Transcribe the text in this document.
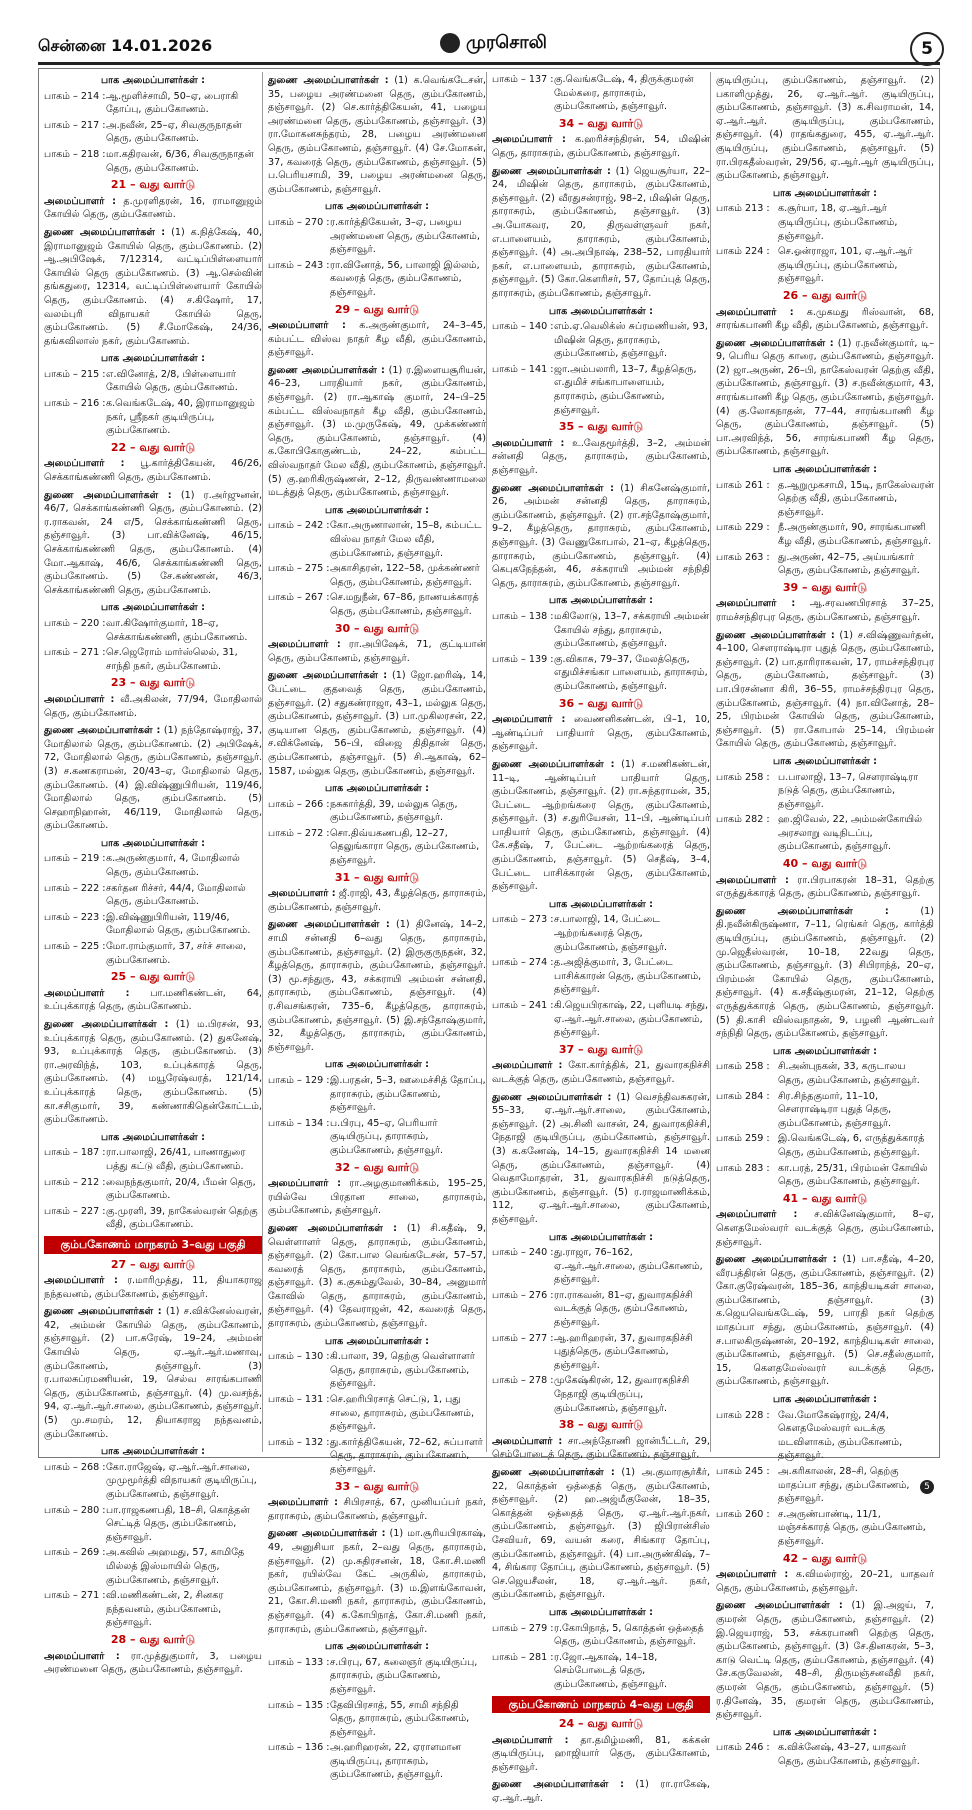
சென்னை 14.01.2026	முரசொலி	5
பாக அமைப்பாளர்கள் :
பாகம் – 214 : ஆ.மூளிச்சாமி, 50–ஏ, பைராகி தோப்பு, கும்பகோணம்.
பாகம் – 217 : அ.நவீன், 25–ஏ, சிவகுருநாதன் தெரு, கும்பகோணம்.
பாகம் – 218 : மா.கதிரவன், 6/36, சிவகுருநாதன் தெரு, கும்பகோணம்.
21 – வது வார்டு
அமைப்பாளர் : த.முரளிதரன், 16, ராமானுஜம் கோயில் தெரு, கும்பகோணம்.
துணை அமைப்பாளர்கள் : (1) க.நித்கேஷ், 40, இராமானுஜம் கோயில் தெரு, கும்பகோணம். (2) ஆ.அபிஷேக், 7/12314, வட்டிப்பிள்ளையார் கோயில் தெரு கும்பகோணம். (3) ஆ.செல்வின் தங்கதுரை, 12314, வட்டிப்பிள்ளையார் கோயில் தெரு, கும்பகோணம். (4) ச.கிஷோர், 17, வலம்புரி விநாயகர் கோயில் தெரு, கும்பகோணம். (5) சீ.மோகேஷ், 24/36, தங்கவிலாஸ் நகர், கும்பகோணம்.
பாக அமைப்பாளர்கள் :
பாகம் – 215 : எ.வினோத், 2/8, பிள்ளையார் கோயில் தெரு, கும்பகோணம்.
பாகம் – 216 : க.வெங்கடேஷ், 40, இராமானுஜம் நகர், ஸ்ரீநகர் குடியிருப்பு, கும்பகோணம்.
22 – வது வார்டு
அமைப்பாளர் : பூ.கார்த்திகேயன், 46/26, செக்காங்கண்ணி தெரு, கும்பகோணம்.
துணை அமைப்பாளர்கள் : (1) ர.அர்ஜுனன், 46/7, செக்காங்கண்ணி தெரு, கும்பகோணம். (2) ர.ராகவன், 24 எ/5, செக்காங்கண்ணி தெரு, தஞ்சாவூர். (3) பா.விக்னேஷ், 46/15, செக்காங்கண்ணி தெரு, கும்பகோணம். (4) மோ.ஆகாஷ், 46/6, செக்காங்கண்ணி தெரு, கும்பகோணம். (5) சே.கண்ணன், 46/3, செக்காங்கண்ணி தெரு, கும்பகோணம்.
பாக அமைப்பாளர்கள் :
பாகம் – 220 : வா.கிஷோர்குமார், 18–ஏ, செக்காங்கண்ணி, கும்பகோணம்.
பாகம் – 271 : செ.ஜெரோம் மார்ஸ்லெல், 31, சாந்தி நகர், கும்பகோணம்.
23 – வது வார்டு
அமைப்பாளர் : வீ.அகிலன், 77/94, மோதிலால் தெரு, கும்பகோணம்.
துணை அமைப்பாளர்கள் : (1) நந்தோஷ்ராஜ், 37, மோதிலால் தெரு, கும்பகோணம். (2) அபிஷேக், 72, மோதிலால் தெரு, கும்பகோணம், தஞ்சாவூர். (3) ச.கணகராமன், 20/43–ஏ, மோதிலால் தெரு, கும்பகோணம். (4) இ.விஷ்ணுபிரியன், 119/46, மோதிலால் தெரு, கும்பகோணம். (5) செஹாநிஹான், 46/119, மோதிலால் தெரு, கும்பகோணம்.
பாக அமைப்பாளர்கள் :
பாகம் – 219 : க.அருண்குமார், 4, மோதிலால் தெரு, கும்பகோணம்.
பாகம் – 222 : சகர்தன ரிச்சர், 44/4, மோதிலால் தெரு, கும்பகோணம்.
பாகம் – 223 : இ.விஷ்ணுபிரியன், 119/46, மோதிலால் தெரு, கும்பகோணம்.
பாகம் – 225 : மோ.ராம்குமார், 37, சர்ச் சாலை, கும்பகோணம்.
25 – வது வார்டு
அமைப்பாளர் : பா.மணிகண்டன், 64, உப்புக்காரத் தெரு, கும்பகோணம்.
துணை அமைப்பாளர்கள் : (1) ம.பிரசன், 93, உப்புக்காரத் தெரு, கும்பகோணம். (2) துகனேஷ், 93, உப்புக்காரத் தெரு, கும்பகோணம். (3) ரா.அரவிந்த், 103, உப்புக்காரத் தெரு, கும்பகோணம். (4) மயூரேஷ்வரத், 121/14, உப்புக்காரத் தெரு, கும்பகோணம். (5) கா.சசிகுமார், 39, கண்ணாகிதென்கோட்டம், கும்பகோணம்.
பாக அமைப்பாளர்கள் :
பாகம் – 187 : ரா.பாலாஜி, 26/41, பாணாதுரை பத்து கட்டு வீதி, கும்பகோணம்.
பாகம் – 212 : வைநந்தகுமார், 20/4, பீமன் தெரு, கும்பகோணம்.
பாகம் – 227 : கு.முரளி, 39, நாகேஸ்வரன் தெற்கு வீதி, கும்பகோணம்.
கும்பகோணம் மாநகரம் 3–வது பகுதி
27 – வது வார்டு
அமைப்பாளர் : ர.மாரிமுத்து, 11, தியாகராஜ நந்தவனம், கும்பகோணம், தஞ்சாவூர்.
துணை அமைப்பாளர்கள் : (1) ச.விக்னேஸ்வரன், 42, அம்மன் கோயில் தெரு, கும்பகோணம், தஞ்சாவூர். (2) பா.சுரேஷ், 19–24, அம்மன் கோயில் தெரு, ஏ.ஆர்.ஆர்.மணாவு, கும்பகோணம், தஞ்சாவூர். (3) ர.பாலசுப்ரமணியன், 19, செல்வ சாரங்கபாணி தெரு, கும்பகோணம், தஞ்சாவூர். (4) மு.வசந்த், 94, ஏ.ஆர்.ஆர்.சாலை, கும்பகோணம், தஞ்சாவூர். (5) மு.சமரம், 12, தியாகராஜ நந்தவனம், கும்பகோணம்.
பாக அமைப்பாளர்கள் :
பாகம் – 268 : கோ.ராஜேஷ், ஏ.ஆர்.ஆர்.சாலை, முமுமூர்த்தி விநாயகர் குடியிருப்பு, கும்பகோணம், தஞ்சாவூர்.
பாகம் – 280 : பா.ராஜகணபதி, 18–சி, கொத்தன் செட்டித் தெரு, கும்பகோணம், தஞ்சாவூர்.
பாகம் – 269 : அ.கவில் அஹமது, 57, காமிதே மில்லத் இஸ்மாயில் தெரு, கும்பகோணம், தஞ்சாவூர்.
பாகம் – 271 : வி.மணிகண்டன், 2, சினகர நந்தவனம், கும்பகோணம், தஞ்சாவூர்.
28 – வது வார்டு
அமைப்பாளர் : ரா.முத்துகுமார், 3, பழைய அரண்மனை தெரு, கும்பகோணம், தஞ்சாவூர்.
துணை அமைப்பாளர்கள் : (1) க.வெங்கடேசன், 35, பழைய அரண்மனை தெரு, கும்பகோணம், தஞ்சாவூர். (2) செ.கார்த்திகேயன், 41, பழைய அரண்மனை தெரு, கும்பகோணம், தஞ்சாவூர். (3) ரா.மோகனசுந்தரம், 28, பழைய அரண்மனை தெரு, கும்பகோணம், தஞ்சாவூர். (4) சே.மோகன், 37, கவரைத் தெரு, கும்பகோணம், தஞ்சாவூர். (5) ப.பெரியசாமி, 39, பழைய அரண்மனை தெரு, கும்பகோணம், தஞ்சாவூர்.
பாக அமைப்பாளர்கள் :
பாகம் – 270 : ர.கார்த்திகேயன், 3–ஏ, பழைய அரண்மனை தெரு, கும்பகோணம், தஞ்சாவூர்.
பாகம் – 243 : ரா.வினோத், 56, பாலாஜி இல்லம், கவரைத் தெரு, கும்பகோணம், தஞ்சாவூர்.
29 – வது வார்டு
அமைப்பாளர் : க.அருண்குமார், 24–3–45, கம்பட்ட விஸ்வ நாதர் கீழ வீதி, கும்பகோணம், தஞ்சாவூர்.
துணை அமைப்பாளர்கள் : (1) ர.இளையசூரியன், 46–23, பாரதியார் நகர், கும்பகோணம், தஞ்சாவூர். (2) ரா.ஆகாஷ் குமார், 24–பி–25 கம்பட்ட விஸ்வநாதர் கீழ வீதி, கும்பகோணம், தஞ்சாவூர். (3) ம.முருகேஷ், 49, முக்கண்ணர் தெரு, கும்பகோணம், தஞ்சாவூர். (4) க.கோபிகோகுண்டம், 24–22, கம்பட்ட விஸ்வநாதர் மேல வீதி, கும்பகோணம், தஞ்சாவூர். (5) கு.ஹரிகிருஷ்ணன், 2–12, திருவண்ணாமலை மடத்துத் தெரு, கும்பகோணம், தஞ்சாவூர்.
பாக அமைப்பாளர்கள் :
பாகம் – 242 : கோ.அருணாலான், 15–8, கம்பட்ட விஸ்வ நாதர் மேல வீதி, கும்பகோணம், தஞ்சாவூர்.
பாகம் – 275 : அகாசிதரன், 122–58, முக்கண்ணர் தெரு, கும்பகோணம், தஞ்சாவூர்.
பாகம் – 267 : செ.மநுநீன், 67–86, நாணயக்காரத் தெரு, கும்பகோணம், தஞ்சாவூர்.
30 – வது வார்டு
அமைப்பாளர் : ரா.அபிஷேக், 71, குட்டியான் தெரு, கும்பகோணம், தஞ்சாவூர்.
துணை அமைப்பாளர்கள் : (1) ஜோ.ஹரிஷ், 14, பேட்டை குதவைத் தெரு, கும்பகோணம், தஞ்சாவூர். (2) சதுகண்ராஜா, 43–1, மல்லுக தெரு, கும்பகோணம், தஞ்சாவூர். (3) பா.முகிலரசன், 22, குடியான தெரு, கும்பகோணம், தஞ்சாவூர். (4) ச.விக்னேஷ், 56–பி, விஜை திதிதான் தெரு, கும்பகோணம், தஞ்சாவூர். (5) சி.ஆகாஷ், 62–1587, மல்லுக தெரு, கும்பகோணம், தஞ்சாவூர்.
பாக அமைப்பாளர்கள் :
பாகம் – 266 : நசுகார்த்தி, 39, மல்லுக தெரு, கும்பகோணம், தஞ்சாவூர்.
பாகம் – 272 : சொ.திவ்யகணபதி, 12–27, தெலுங்காரா தெரு, கும்பகோணம், தஞ்சாவூர்.
31 – வது வார்டு
அமைப்பாளர் : ஜீ.ராஜி, 43, கீழத்தெரு, தாராசுரம், கும்பகோணம், தஞ்சாவூர்.
துணை அமைப்பாளர்கள் : (1) தினேஷ், 14–2, சாமி சன்னதி 6–வது தெரு, தாராசுரம், கும்பகோணம், தஞ்சாவூர். (2) இருகுருநதன், 32, கீழத்தெரு, தாராசுரம், கும்பகோணம், தஞ்சாவூர். (3) மூ.சந்துரு, 43, சக்கராயி அம்மன் சன்னதி, தாராசுரம், கும்பகோணம், தஞ்சாவூர். (4) ர.சிவசங்கரன், 735–6, கீழத்தெரு, தாராசுரம், கும்பகோணம், தஞ்சாவூர். (5) இ.சந்தோஷ்குமார், 32, கீழத்தெரு, தாராசுரம், கும்பகோணம், தஞ்சாவூர்.
பாக அமைப்பாளர்கள் :
பாகம் – 129 : இ.பரதன், 5–3, ஊமைச்சித் தோப்பு, தாராசுரம், கும்பகோணம், தஞ்சாவூர்.
பாகம் – 134 : ப.பிரபு, 45–ஏ, பெரியார் குடியிருப்பு, தாராசுரம், கும்பகோணம், தஞ்சாவூர்.
32 – வது வார்டு
அமைப்பாளர் : ரா.அழகுமாணிக்கம், 195–25, ரயில்வே பிரதான சாலை, தாராசுரம், கும்பகோணம், தஞ்சாவூர்.
துணை அமைப்பாளர்கள் : (1) சி.கதீஷ், 9, வெள்ளாளர் தெரு, தாராசுரம், கும்பகோணம், தஞ்சாவூர். (2) கோ.பால வெங்கடேசன், 57–57, கவரைத் தெரு, தாராசுரம், கும்பகோணம், தஞ்சாவூர். (3) க.குசும்துவேல், 30–84, அனுமார் கோவில் தெரு, தாராசுரம், கும்பகோணம், தஞ்சாவூர். (4) தேவராஜன், 42, கவரைத் தெரு, தாராசுரம், கும்பகோணம், தஞ்சாவூர்.
பாக அமைப்பாளர்கள் :
பாகம் – 130 : கி.பாலா, 39, தெற்கு வெள்ளாளர் தெரு, தாராசுரம், கும்பகோணம், தஞ்சாவூர்.
பாகம் – 131 : செ.ஹரிபிரசாத் செட்டு, 1, புது சாலை, தாராசுரம், கும்பகோணம், தஞ்சாவூர்.
பாகம் – 132 : து.கார்த்திகேயன், 72–62, சுப்பாளர் தெரு, தாராசுரம், கும்பகோணம், தஞ்சாவூர்.
33 – வது வார்டு
அமைப்பாளர் : சிபிரசாத், 67, முனியப்பர் நகர், தாராசுரம், கும்பகோணம், தஞ்சாவூர்.
துணை அமைப்பாளர்கள் : (1) மா.சூரியபிரகாஷ், 49, அனுசியா நகர், 2–வது தெரு, தாராசுரம், தஞ்சாவூர். (2) மு.சுதிரசனன், 18, கோ.சி.மணி நகர், ரயில்வே கேட் அருகில், தாராசுரம், கும்பகோணம், தஞ்சாவூர். (3) ம.இளங்கோவன், 21, கோ.சி.மணி நகர், தாராசுரம், கும்பகோணம், தஞ்சாவூர். (4) க.கோபிநாத், கோ.சி.மணி நகர், தாராசுரம், கும்பகோணம், தஞ்சாவூர்.
பாக அமைப்பாளர்கள் :
பாகம் – 133 : ச.பிரபு, 67, கலைஞர் குடியிருப்பு, தாராசுரம், கும்பகோணம், தஞ்சாவூர்.
பாகம் – 135 : தேவிபிரசாத், 55, சாமி சந்நிதி தெரு, தாராசுரம், கும்பகோணம், தஞ்சாவூர்.
பாகம் – 136 : அ.ஹரிஹரன், 22, ஏராளமான குடியிருப்பு, தாராசுரம், கும்பகோணம், தஞ்சாவூர்.
பாகம் – 137 : கு.வெங்கடேஷ், 4, திருக்குமரன் மேல்கரை, தாராசுரம், கும்பகோணம், தஞ்சாவூர்.
34 – வது வார்டு
அமைப்பாளர் : க.ஹரிச்சந்திரன், 54, மிஷின் தெரு, தாராசுரம், கும்பகோணம், தஞ்சாவூர்.
துணை அமைப்பாளர்கள் : (1) ஜெயசூர்யா, 22–24, மிஷின் தெரு, தாராசுரம், கும்பகோணம், தஞ்சாவூர். (2) வீரதுசன்ராஜ், 98–2, மிஷின் தெரு, தாராசுரம், கும்பகோணம், தஞ்சாவூர். (3) அ.யோகவர, 20, திருவள்ளுவர் நகர், எ.பாளையம், தாராசுரம், கும்பகோணம், தஞ்சாவூர். (4) அ.அபிநாஷ், 238–52, பாரதியார் நகர், எ.பாளையம், தாராசுரம், கும்பகோணம், தஞ்சாவூர். (5) கோ.கௌரிசர், 57, தோப்புத் தெரு, தாராசுரம், கும்பகோணம், தஞ்சாவூர்.
பாக அமைப்பாளர்கள் :
பாகம் – 140 : எம்.ஏ.வெலிக்ஸ் சுப்ரமணியன், 93, மிஷின் தெரு, தாராசுரம், கும்பகோணம், தஞ்சாவூர்.
பாகம் – 141 : ஜா.அம்பலாரி, 13–7, கீழத்தெரு, எ.துமிச் சங்காபாளையம், தாராசுரம், கும்பகோணம், தஞ்சாவூர்.
35 – வது வார்டு
அமைப்பாளர் : உ.வேதமூர்த்தி, 3–2, அம்மன் சன்னதி தெரு, தாராசுரம், கும்பகோணம், தஞ்சாவூர்.
துணை அமைப்பாளர்கள் : (1) சிகனேஷ்குமார், 26, அம்மன் சன்னதி தெரு, தாராசுரம், கும்பகோணம், தஞ்சாவூர். (2) ரா.சந்தோஷ்குமார், 9–2, கீழத்தெரு, தாராசுரம், கும்பகோணம், தஞ்சாவூர். (3) வேணுகோபால், 21–ஏ, கீழத்தெரு, தாராசுரம், கும்பகோணம், தஞ்சாவூர். (4) கெபுகநேந்தன், 46, சக்கராயி அம்மன் சந்நிதி தெரு, தாராசுரம், கும்பகோணம், தஞ்சாவூர்.
பாக அமைப்பாளர்கள் :
பாகம் – 138 : மகிலோடு, 13–7, சக்கராயி அம்மன் கோயில் சந்து, தாராசுரம், கும்பகோணம், தஞ்சாவூர்.
பாகம் – 139 : கு.விகாசு, 79–37, மேலத்தெரு, எதுமிச்சங்கா பாளையம், தாராசுரம், கும்பகோணம், தஞ்சாவூர்.
36 – வது வார்டு
அமைப்பாளர் : வைணனிகண்டன், பி–1, 10, ஆண்டிப்பர் பாதியார் தெரு, கும்பகோணம், தஞ்சாவூர்.
துணை அமைப்பாளர்கள் : (1) ச.மணிகண்டன், 11–டி, ஆண்டிப்பர் பாதியார் தெரு, கும்பகோணம், தஞ்சாவூர். (2) ரா.சுந்தராமன், 35, பேட்டை ஆற்றங்கரை தெரு, கும்பகோணம், தஞ்சாவூர். (3) ச.துரியேசன், 11–பி, ஆண்டிப்பர் பாதியார் தெரு, கும்பகோணம், தஞ்சாவூர். (4) கே.சதீஷ், 7, பேட்டை ஆற்றங்கரைத் தெரு, கும்பகோணம், தஞ்சாவூர். (5) செதீஷ், 3–4, பேட்டை பாசிக்காரன் தெரு, கும்பகோணம், தஞ்சாவூர்.
பாக அமைப்பாளர்கள் :
பாகம் – 273 : ச.பாலாஜி, 14, பேட்டை ஆற்றங்கரைத் தெரு, கும்பகோணம், தஞ்சாவூர்.
பாகம் – 274 : த.அஜித்குமார், 3, பேட்டை பாசிக்காரன் தெரு, கும்பகோணம், தஞ்சாவூர்.
பாகம் – 241 : கி.ஜெயபிரகாஷ், 22, புளியடி சந்து, ஏ.ஆர்.ஆர்.சாலை, கும்பகோணம், தஞ்சாவூர்.
37 – வது வார்டு
அமைப்பாளர் : கோ.கார்த்திக், 21, துவாரகநிச்சி வடக்குத் தெரு, கும்பகோணம், தஞ்சாவூர்.
துணை அமைப்பாளர்கள் : (1) வெசந்திவசுகரன், 55–33, ஏ.ஆர்.ஆர்.சாலை, கும்பகோணம், தஞ்சாவூர். (2) அ.சினி வாசன், 24, துவாரகநிச்சி, நேதாஜி குடியிருப்பு, கும்பகோணம், தஞ்சாவூர். (3) க.கணேஷ், 14–15, துவாரகநிச்சி 14 மனை தெரு, கும்பகோணம், தஞ்சாவூர். (4) வெதாமோதரன், 31, துவாரகநிச்சி நடுத்தெரு, கும்பகோணம், தஞ்சாவூர். (5) ர.ராஜமாணிக்கம், 112, ஏ.ஆர்.ஆர்.சாலை, கும்பகோணம், தஞ்சாவூர்.
பாக அமைப்பாளர்கள் :
பாகம் – 240 : து.ராஜா, 76–162, ஏ.ஆர்.ஆர்.சாலை, கும்பகோணம், தஞ்சாவூர்.
பாகம் – 276 : ரா.ராகவன், 81–ஏ, துவாரகநிச்சி வடக்குத் தெரு, கும்பகோணம், தஞ்சாவூர்.
பாகம் – 277 : ஆ.ஹரிஹரன், 37, துவாரகநிச்சி புதுத்தெரு, கும்பகோணம், தஞ்சாவூர்.
பாகம் – 278 : முகேஷ்கிரன், 12, துவாரகநிச்சி நேதாஜி குடியிருப்பு, கும்பகோணம், தஞ்சாவூர்.
38 – வது வார்டு
அமைப்பாளர் : சா.அந்தோணி ஜான்பீட்டர், 29, செம்போடைத் தெரு, கும்பகோணம், தஞ்சாவூர்.
துணை அமைப்பாளர்கள் : (1) அ.குமாரசூர்கீர், 22, கொத்தன் ஒத்தைத் தெரு, கும்பகோணம், தஞ்சாவூர். (2) ஹ.அஜ்மீகுலேன், 18–35, கொத்தன் ஒத்தைத் தெரு, ஏ.ஆர்.ஆர்.நகர், கும்பகோணம், தஞ்சாவூர். (3) ஜிபிரான்சிஸ் சேவியர், 69, வயன் கரை, சிங்கார தோப்பு, கும்பகோணம், தஞ்சாவூர். (4) பா.அருண்கிஷ், 7–4, சிங்கார தோப்பு, கும்பகோணம், தஞ்சாவூர். (5) செ.ஜெயசீலன், 18, ஏ.ஆர்.ஆர். நகர், கும்பகோணம், தஞ்சாவூர்.
பாக அமைப்பாளர்கள் :
பாகம் – 279 : ர.கோபிநாத், 5, கொத்தன் ஒத்தைத் தெரு, கும்பகோணம், தஞ்சாவூர்.
பாகம் – 281 : ர.ஜோ.ஆகாஷ், 14–18, செம்போடைத் தெரு, கும்பகோணம், தஞ்சாவூர்.
கும்பகோணம் மாநகரம் 4–வது பகுதி
24 – வது வார்டு
அமைப்பாளர் : தா.தமிழ்மணி, 81, கக்கன் குடியிருப்பு, ஹாஜியார் தெரு, கும்பகோணம், தஞ்சாவூர்.
துணை அமைப்பாளர்கள் : (1) ரா.ராகேஷ், ஏ.ஆர்.ஆர்.
குடியிருப்பு, கும்பகோணம், தஞ்சாவூர். (2) பகாளிமுத்து, 26, ஏ.ஆர்.ஆர். குடியிருப்பு, கும்பகோணம், தஞ்சாவூர். (3) க.சிவராமன், 14, ஏ.ஆர்.ஆர். குடியிருப்பு, கும்பகோணம், தஞ்சாவூர். (4) ராதங்கதுரை, 455, ஏ.ஆர்.ஆர். குடியிருப்பு, கும்பகோணம், தஞ்சாவூர். (5) ரா.பிரகதீஸ்வரன், 29/56, ஏ.ஆர்.ஆர் குடியிருப்பு, கும்பகோணம், தஞ்சாவூர்.
பாக அமைப்பாளர்கள் :
பாகம் 213 : க.சூர்யா, 18, ஏ.ஆர்.ஆர் குடியிருப்பு, கும்பகோணம், தஞ்சாவூர்.
பாகம் 224 : செ.ஓன்ராஜா, 101, ஏ.ஆர்.ஆர் குடியிருப்பு, கும்பகோணம், தஞ்சாவூர்.
26 – வது வார்டு
அமைப்பாளர் : க.முகமது ரிஸ்வான், 68, சாரங்கபாணி கீழ வீதி, கும்பகோணம், தஞ்சாவூர்.
துணை அமைப்பாளர்கள் : (1) ர.நவீன்குமார், டி–9, பெரிய தெரு காரை, கும்பகோணம், தஞ்சாவூர். (2) ஜா.அருண், 26–பி, நாகேஸ்வரன் தெற்கு வீதி, கும்பகோணம், தஞ்சாவூர். (3) ச.நவீன்குமார், 43, சாரங்கபாணி கீழ தெரு, கும்பகோணம், தஞ்சாவூர். (4) கு.லோகநாதன், 77–44, சாரங்கபாணி கீழ தெரு, கும்பகோணம், தஞ்சாவூர். (5) பா.அரவிந்த், 56, சாரங்கபாணி கீழ தெரு, கும்பகோணம், தஞ்சாவூர்.
பாக அமைப்பாளர்கள் :
பாகம் 261 : த.ஆறுமுகசாமி, 15டி, நாகேஸ்வரன் தெற்கு வீதி, கும்பகோணம், தஞ்சாவூர்.
பாகம் 229 : நீ.அருண்குமார், 90, சாரங்கபாணி கீழ வீதி, கும்பகோணம், தஞ்சாவூர்.
பாகம் 263 : து.அருண், 42–75, அய்யங்கார் தெரு, கும்பகோணம், தஞ்சாவூர்.
39 – வது வார்டு
அமைப்பாளர் : ஆ.சரவணபிரசாத் 37–25, ராமச்சந்திரபுர தெரு, கும்பகோணம், தஞ்சாவூர்.
துணை அமைப்பாளர்கள் : (1) ச.விஷ்ணுவர்தன், 4–100, சௌராஷ்டிரா புதுத் தெரு, கும்பகோணம், தஞ்சாவூர். (2) பா.தாரிராகவன், 17, ராமச்சந்திரபுர தெரு, கும்பகோணம், தஞ்சாவூர். (3) பா.பிரசன்னா கிரி, 36–55, ராமச்சந்திரபுர தெரு, கும்பகோணம், தஞ்சாவூர். (4) நா.வினோத், 28–25, பிரம்மன் கோயில் தெரு, கும்பகோணம், தஞ்சாவூர். (5) ரா.கோபால் 25–14, பிரம்மன் கோயில் தெரு, கும்பகோணம், தஞ்சாவூர்.
பாக அமைப்பாளர்கள் :
பாகம் 258 : ப.பாலாஜி, 13–7, சௌராஷ்டிரா நடுத் தெரு, கும்பகோணம், தஞ்சாவூர்.
பாகம் 282 : ஹ.ஜிவேல், 22, அம்மன்கோயில் அரசலாறு வடிநிடப்பு, கும்பகோணம், தஞ்சாவூர்.
40 – வது வார்டு
அமைப்பாளர் : ரா.பிரபாகரன் 18–31, தெற்கு எருத்துக்காரத் தெரு, கும்பகோணம், தஞ்சாவூர்.
துணை அமைப்பாளர்கள் :	(1) தி.நவீன்கிருஷ்ணா, 7–11, ரெங்கர் தெரு, கார்த்தி குடியிருப்பு, கும்பகோணம், தஞ்சாவூர். (2) மு.ஜெதீஸ்வரன், 10–18, 22வது தெரு, கும்பகோணம், தஞ்சாவூர். (3) சிபிராந்த், 20–ஏ, பிரம்மன் கோயில் தெரு, கும்பகோணம், தஞ்சாவூர். (4) க.சதீஷ்குமரன், 21–12, தெற்கு எருத்துக்காரத் தெரு, கும்பகோணம், தஞ்சாவூர். (5) தி.காசி விஸ்வநாதன், 9, பழனி ஆண்டவர் சந்நிதி தெரு, கும்பகோணம், தஞ்சாவூர்.
பாக அமைப்பாளர்கள் :
பாகம் 258 : சி.அன்புநகன், 33, கருடாலய தெரு, கும்பகோணம், தஞ்சாவூர்.
பாகம் 284 : சிர.சிந்தகுமார், 11–10, சௌராஷ்டிரா புதுத் தெரு, கும்பகோணம், தஞ்சாவூர்.
பாகம் 259 : இ.வெங்கடேஷ், 6, எருத்துக்காரத் தெரு, கும்பகோணம், தஞ்சாவூர்.
பாகம் 283 : கா.பரத், 25/31, பிரம்மன் கோயில் தெரு, கும்பகோணம், தஞ்சாவூர்.
41 – வது வார்டு
அமைப்பாளர் : ச.விக்னேஷ்குமார், 8–ஏ, கௌதமேஸ்வரர் வடக்குத் தெரு, கும்பகோணம், தஞ்சாவூர்.
துணை அமைப்பாளர்கள் : (1) பா.சதீஷ், 4–20, வீரபத்திரன் தெரு, கும்பகோணம், தஞ்சாவூர். (2) கோ.குரேஷ்வரன், 185–36, காந்தியடிகள் சாலை, கும்பகோணம், தஞ்சாவூர். (3) க.ஜெயவெங்கடேஷ், 59, பாரதி நகர் தெற்கு மாதப்பா சந்து, கும்பகோணம், தஞ்சாவூர். (4) ச.பாலகிருஷ்ணன், 20–192, காந்தியடிகள் சாலை, கும்பகோணம், தஞ்சாவூர். (5) செ.சதீஸ்குமார், 15, கௌதமேஸ்வரர் வடக்குத் தெரு, கும்பகோணம், தஞ்சாவூர்.
பாக அமைப்பாளர்கள் :
பாகம் 228 : வே.மோகேஷ்ராஜ், 24/4, கௌதமேஸ்வரர் வடக்கு மடவிளாகம், கும்பகோணம், தஞ்சாவூர்.
பாகம் 245 : அ.கரிகாலன், 28–சி, தெற்கு மாதப்பா சந்து, கும்பகோணம், தஞ்சாவூர்.
பாகம் 260 : ச.அருண்பாண்டி, 11/1, மஞ்சக்காரத் தெரு, கும்பகோணம், தஞ்சாவூர்.
42 – வது வார்டு
அமைப்பாளர் : க.விமல்ராஜ், 20–21, யாதவர் தெரு, கும்பகோணம், தஞ்சாவூர்.
துணை அமைப்பாளர்கள் : (1) இ.அஜய், 7, குமரன் தெரு, கும்பகோணம், தஞ்சாவூர். (2) இ.ஜெயராஜ், 53, சக்கரபாணி தெற்கு தெரு, கும்பகோணம், தஞ்சாவூர். (3) சே.தினகரன், 5–3, காடு வெட்டி தெரு, கும்பகோணம், தஞ்சாவூர். (4) சே.கருவேலன், 48–சி, திருமஞ்சனவீதி நகர், குமரன் தெரு, கும்பகோணம், தஞ்சாவூர். (5) ர.தினேஷ், 35, குமரன் தெரு, கும்பகோணம், தஞ்சாவூர்.
பாக அமைப்பாளர்கள் :
பாகம் 246 : க.விக்னேஷ், 43–27, யாதவர் தெரு, கும்பகோணம், தஞ்சாவூர்.
5
